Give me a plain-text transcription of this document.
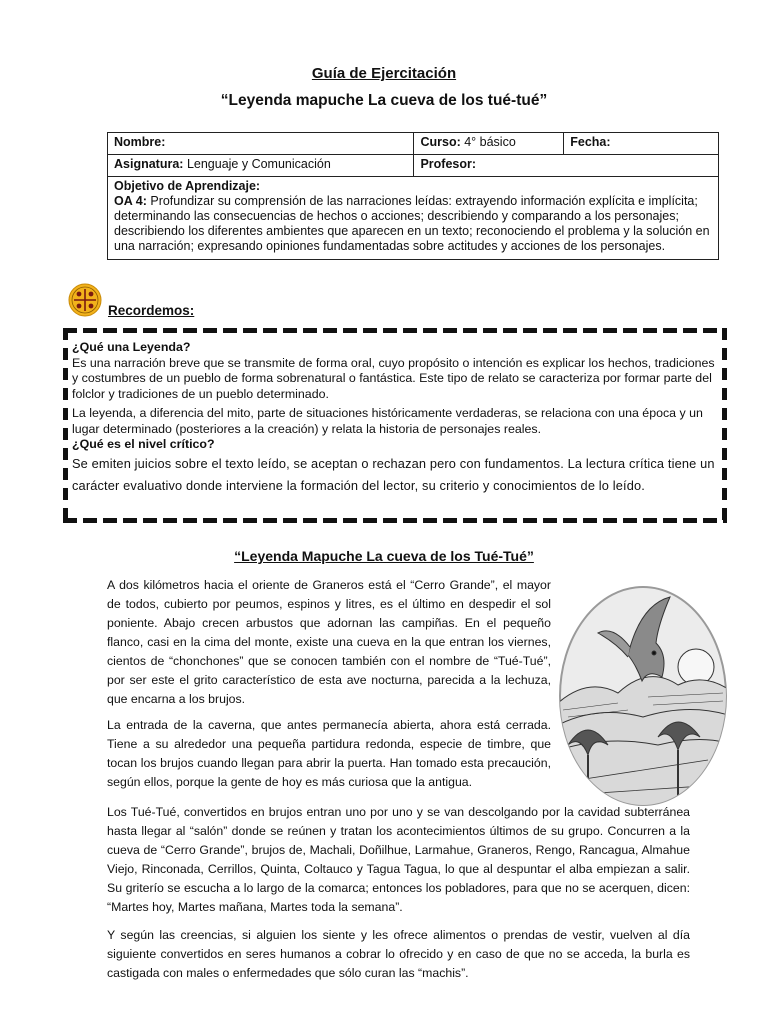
Guía de Ejercitación
“Leyenda mapuche La cueva de los tué-tué”
Nombre:	Curso: 4° básico	Fecha:
Asignatura: Lenguaje y Comunicación	Profesor:	

Objetivo de Aprendizaje:
OA 4: Profundizar su comprensión de las narraciones leídas: extrayendo información explícita e implícita; determinando las consecuencias de hechos o acciones; describiendo y comparando a los personajes; describiendo los diferentes ambientes que aparecen en un texto; reconociendo el problema y la solución en una narración; expresando opiniones fundamentadas sobre actitudes y acciones de los personajes.		
Recordemos:

¿Qué una Leyenda?

Es una narración breve que se transmite de forma oral, cuyo propósito o intención es explicar los hechos, tradiciones y costumbres de un pueblo de forma sobrenatural o fantástica. Este tipo de relato se caracteriza por formar parte del folclor y tradiciones de un pueblo determinado.

La leyenda, a diferencia del mito, parte de situaciones históricamente verdaderas, se relaciona con una época y un lugar determinado (posteriores a la creación) y relata la historia de personajes reales.

¿Qué es el nivel crítico?

Se emiten juicios sobre el texto leído, se aceptan o rechazan pero con fundamentos. La lectura crítica tiene un carácter evaluativo donde interviene la formación del lector, su criterio y conocimientos de lo leído.

“Leyenda Mapuche La cueva de los Tué-Tué”

A dos kilómetros hacia el oriente de Graneros está el “Cerro Grande”, el mayor de todos, cubierto por peumos, espinos y litres, es el último en despedir el sol poniente. Abajo crecen arbustos que adornan las campiñas. En el pequeño flanco, casi en la cima del monte, existe una cueva en la que entran los viernes, cientos de “chonchones” que se conocen también con el nombre de “Tué-Tué”, por ser este el grito característico de esta ave nocturna, parecida a la lechuza, que encarna a los brujos.

La entrada de la caverna, que antes permanecía abierta, ahora está cerrada. Tiene a su alrededor una pequeña partidura redonda, especie de timbre, que tocan los brujos cuando llegan para abrir la puerta. Han tomado esta precaución, según ellos, porque la gente de hoy es más curiosa que la antigua.

Los Tué-Tué, convertidos en brujos entran uno por uno y se van descolgando por la cavidad subterránea hasta llegar al “salón” donde se reúnen y tratan los acontecimientos últimos de su grupo. Concurren a la cueva de “Cerro Grande”, brujos de, Machali, Doñilhue, Larmahue, Graneros, Rengo, Rancagua, Almahue Viejo, Rinconada, Cerrillos, Quinta, Coltauco y Tagua Tagua, lo que al despuntar el alba empiezan a salir. Su griterío se escucha a lo largo de la comarca; entonces los pobladores, para que no se acerquen, dicen: “Martes hoy, Martes mañana, Martes toda la semana”.

Y según las creencias, si alguien los siente y les ofrece alimentos o prendas de vestir, vuelven al día siguiente convertidos en seres humanos a cobrar lo ofrecido y en caso de que no se acceda, la burla es castigada con males o enfermedades que sólo curan las “machis”.
